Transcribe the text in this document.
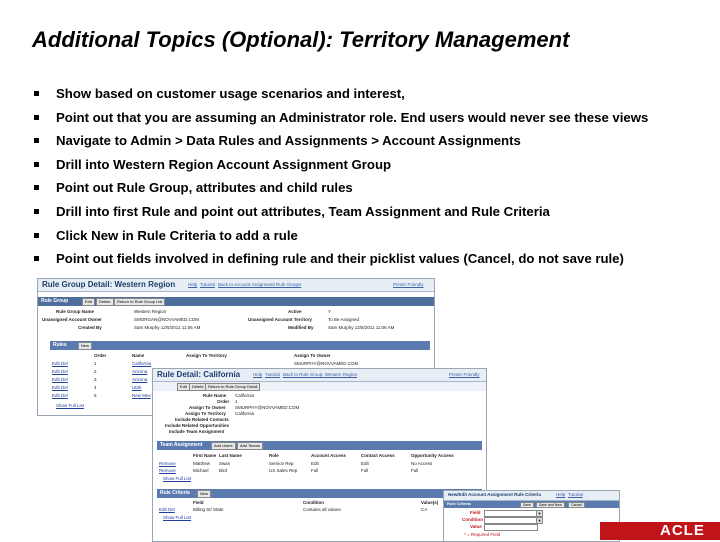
Additional Topics (Optional): Territory Management
Show based on customer usage scenarios and interest,
Point out that you are assuming an Administrator role. End users would never see these views
Navigate to Admin > Data Rules and Assignments > Account Assignments
Drill into Western Region Account Assignment Group
Point out Rule Group, attributes and child rules
Drill into first Rule and point out attributes, Team Assignment and Rule Criteria
Click New in Rule Criteria to add a rule
Point out fields involved in defining rule and their picklist values (Cancel, do not save rule)
Rule Group Detail: Western Region	Help Tutorial Back to Account Assignment Rule Groups	Printer Friendly
Rule Group	Edit	Delete	Return to Rule Group List
Rule Group Name	Western Region	Active	Y
Unassigned Account Owner	SMORGAN@NOVVAMED.COM	Unassigned Account Territory	To Be Assigned
Created By	Sam Murphy 12/5/2011 11:06 AM	Modified By	Sam Murphy 12/5/2011 11:06 AM
Rules	New
Order	Name	Assign To Territory	Assign To Owner
Edit Del	1	California	SMURPHY@NOVVAMED.COM
Edit Del	2	Arizona
Edit Del	3	Arizona
Edit Del	4	Utah
Edit Del	5	New Mex
Show Full List
Rule Detail: California	Help Tutorial Back to Rule Group: Western Region	Printer Friendly
Edit	Delete	Return to Rule Group Detail
Rule Name California
Order 1
Assign To Owner SMURPHY@NOVVAMED.COM
Assign To Territory California
Include Related Contacts
Include Related Opportunities
Include Team Assignment
Team Assignment	Add Users	Add Teams
First Name Last Name	Role	Account Access	Contact Access	Opportunity Access
Remove	Matthew Swan	Service Rep	Edit	Edit	No Access
Remove	Michael Bird	US Sales Rep	Full	Full	Full
Show Full List
Rule Criteria	New
Field	Condition	Value(s)
Edit Del	Billing St/ State	Contains all values	CA
Show Full List
New/Edit Account Assignment Rule Criteria	Help Tutorial
Rule Criteria	Save	Save and New	Cancel
Field	▼
Condition	▼
Value
* = Required Field	ACLE
